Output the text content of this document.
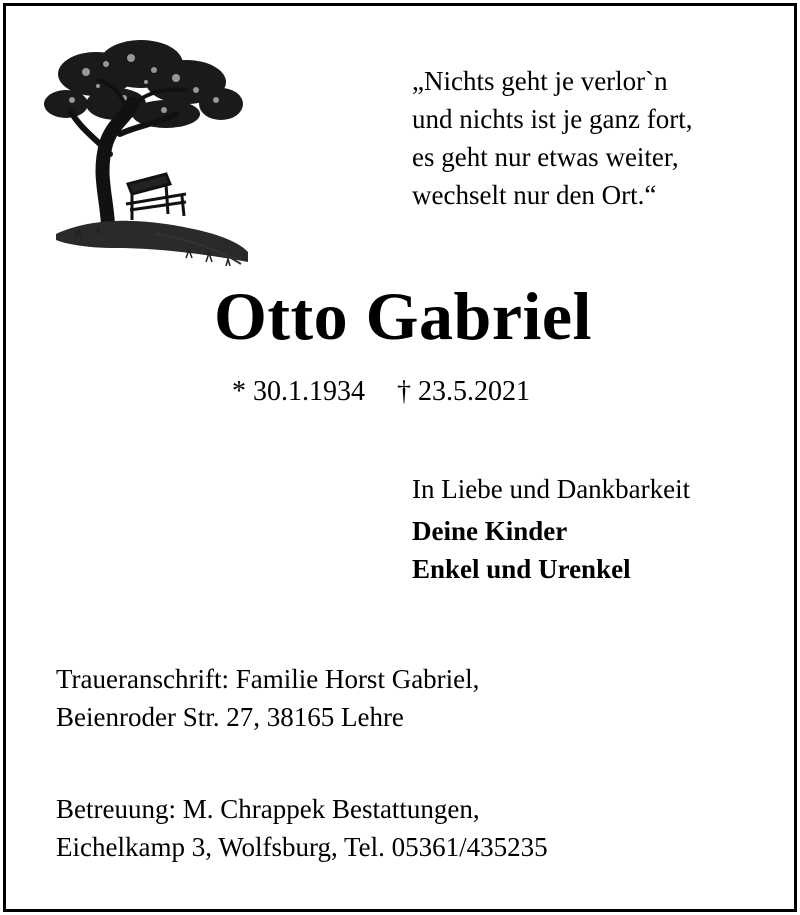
„Nichts geht je verlor`n
und nichts ist je ganz fort,
es geht nur etwas weiter,
wechselt nur den Ort.“
Otto Gabriel
* 30.1.1934 † 23.5.2021
In Liebe und Dankbarkeit
Deine Kinder
Enkel und Urenkel
Traueranschrift: Familie Horst Gabriel,
Beienroder Str. 27, 38165 Lehre
Betreuung: M. Chrappek Bestattungen,
Eichelkamp 3, Wolfsburg, Tel. 05361/435235
